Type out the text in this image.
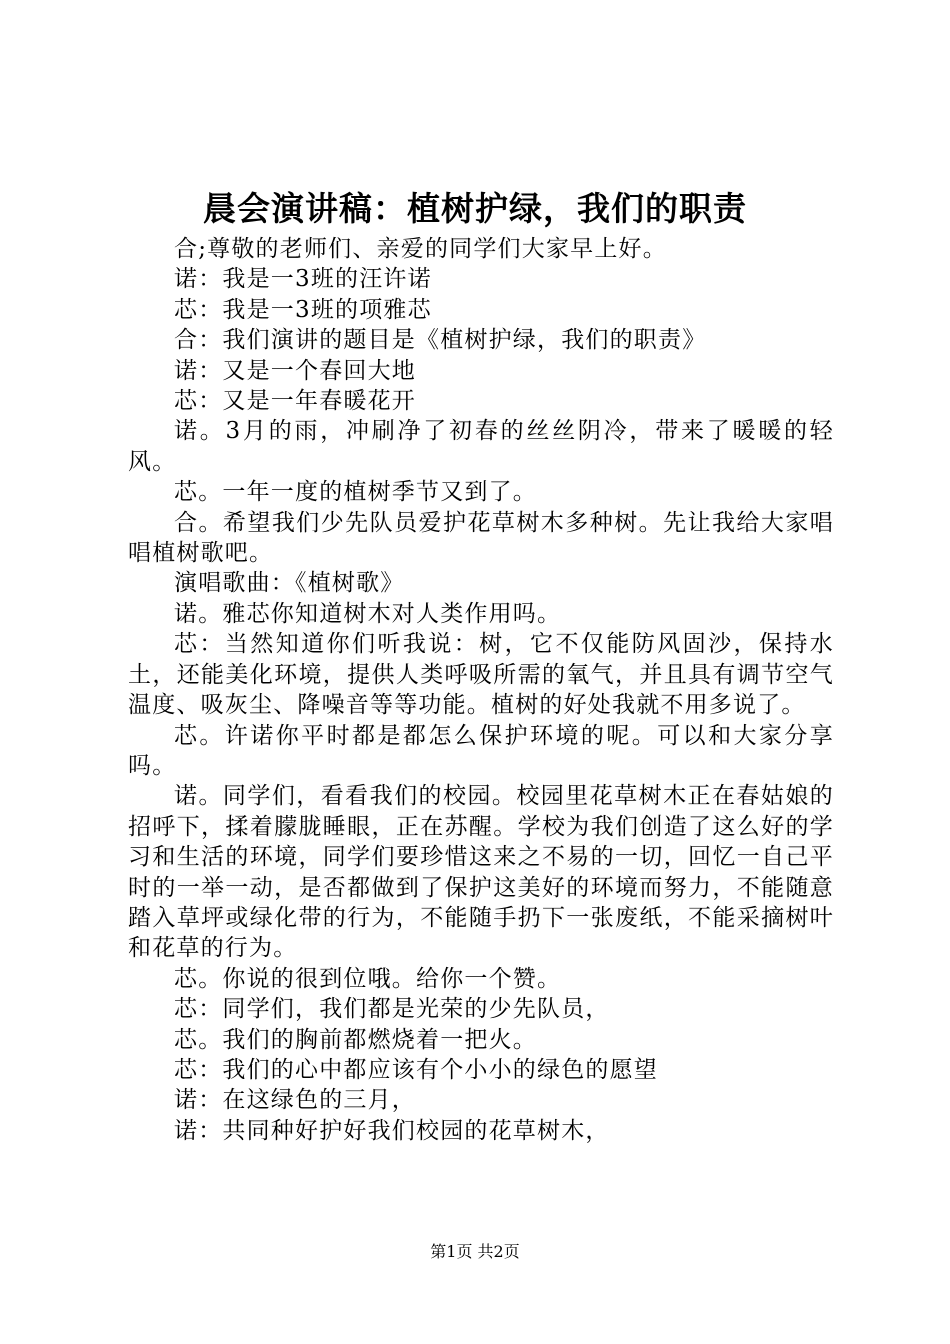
晨会演讲稿：植树护绿，我们的职责

合;尊敬的老师们、亲爱的同学们大家早上好。

诺：我是一3班的汪许诺

芯：我是一3班的项雅芯

合：我们演讲的题目是《植树护绿，我们的职责》

诺：又是一个春回大地

芯：又是一年春暖花开

诺。3月的雨，冲刷净了初春的丝丝阴冷，带来了暖暖的轻风。

芯。一年一度的植树季节又到了。

合。希望我们少先队员爱护花草树木多种树。先让我给大家唱唱植树歌吧。

演唱歌曲：《植树歌》

诺。雅芯你知道树木对人类作用吗。

芯：当然知道你们听我说：树，它不仅能防风固沙，保持水土，还能美化环境，提供人类呼吸所需的氧气，并且具有调节空气温度、吸灰尘、降噪音等等功能。植树的好处我就不用多说了。

芯。许诺你平时都是都怎么保护环境的呢。可以和大家分享吗。

诺。同学们，看看我们的校园。校园里花草树木正在春姑娘的招呼下，揉着朦胧睡眼，正在苏醒。学校为我们创造了这么好的学习和生活的环境，同学们要珍惜这来之不易的一切，回忆一自己平时的一举一动，是否都做到了保护这美好的环境而努力，不能随意踏入草坪或绿化带的行为，不能随手扔下一张废纸，不能采摘树叶和花草的行为。

芯。你说的很到位哦。给你一个赞。

芯：同学们，我们都是光荣的少先队员，

芯。我们的胸前都燃烧着一把火。

芯：我们的心中都应该有个小小的绿色的愿望

诺：在这绿色的三月，

诺：共同种好护好我们校园的花草树木，

第1页 共2页
